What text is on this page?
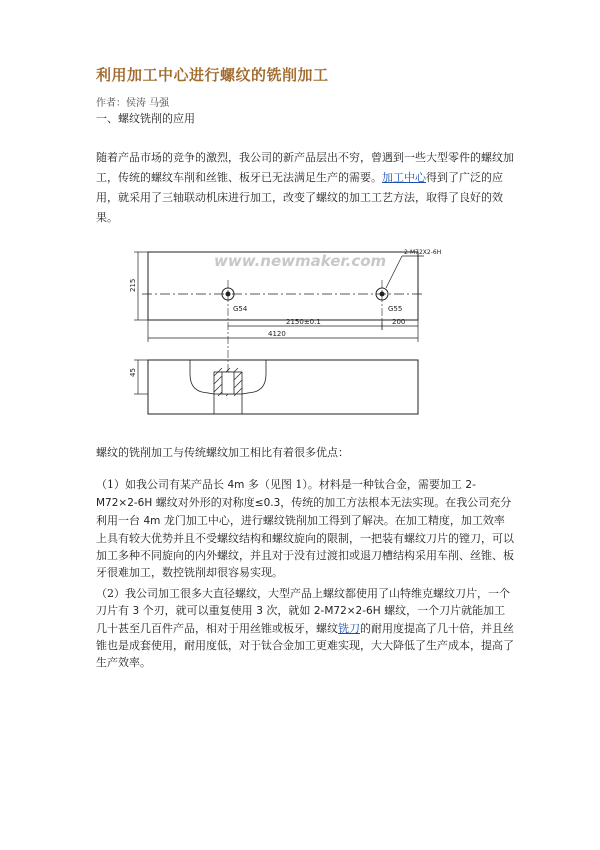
利用加工中心进行螺纹的铣削加工
作者：侯涛 马强
一、螺纹铣削的应用

随着产品市场的竞争的激烈，我公司的新产品层出不穷，曾遇到一些大型零件的螺纹加工，传统的螺纹车削和丝锥、板牙已无法满足生产的需要。加工中心得到了广泛的应用，就采用了三轴联动机床进行加工，改变了螺纹的加工工艺方法，取得了良好的效果。

www.newmaker.com
215
G54	G55
2-M72X2-6H
2150±0.1	200
4120
45

螺纹的铣削加工与传统螺纹加工相比有着很多优点：

（1）如我公司有某产品长 4m 多（见图 1）。材料是一种钛合金，需要加工 2-M72×2-6H 螺纹对外形的对称度≤0.3，传统的加工方法根本无法实现。在我公司充分利用一台 4m 龙门加工中心，进行螺纹铣削加工得到了解决。在加工精度，加工效率上具有较大优势并且不受螺纹结构和螺纹旋向的限制，一把装有螺纹刀片的镗刀，可以加工多种不同旋向的内外螺纹，并且对于没有过渡扣或退刀槽结构采用车削、丝锥、板牙很难加工，数控铣削却很容易实现。

（2）我公司加工很多大直径螺纹，大型产品上螺纹都使用了山特维克螺纹刀片，一个刀片有 3 个刃，就可以重复使用 3 次，就如 2-M72×2-6H 螺纹，一个刀片就能加工几十甚至几百件产品，相对于用丝锥或板牙，螺纹铣刀的耐用度提高了几十倍，并且丝锥也是成套使用，耐用度低，对于钛合金加工更难实现，大大降低了生产成本，提高了生产效率。
